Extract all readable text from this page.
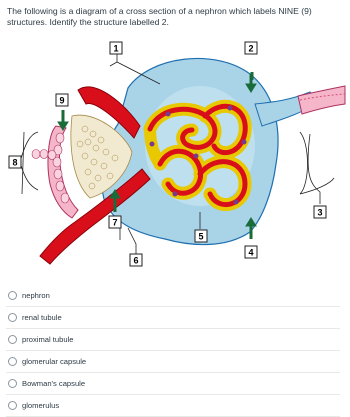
The following is a diagram of a cross section of a nephron which labels NINE (9) structures. Identify the structure labelled 2.
1	2
3
4
5
6
7
8
9
nephron
renal tubule
proximal tubule
glomerular capsule
Bowman's capsule
glomerulus
